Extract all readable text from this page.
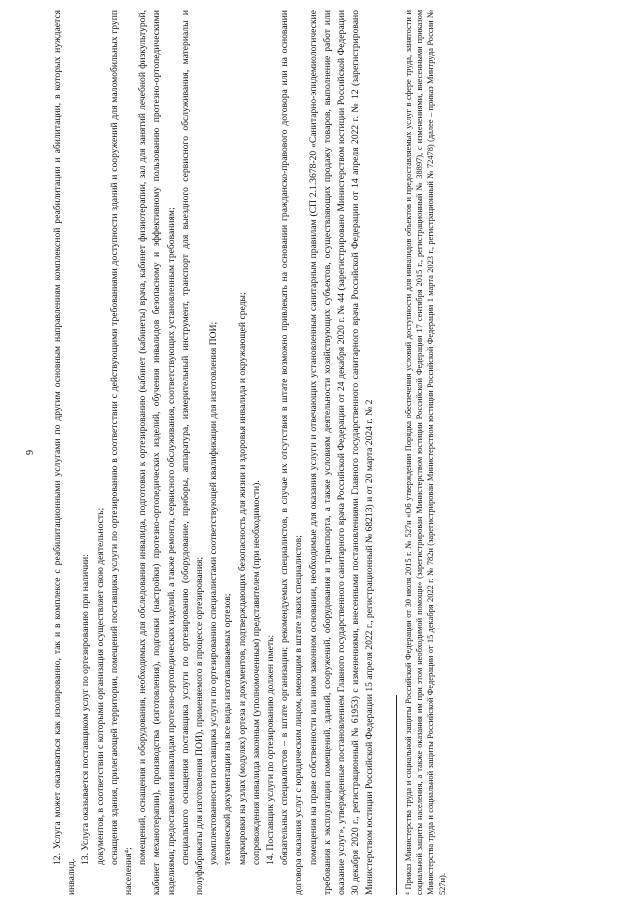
9 12. Услуга может оказываться как изолированно, так и в комплексе с реабилитационными услугами по другим основным направлениям комплексной реабилитации и абилитации, в которых нуждается инвалид.

13. Услуга оказывается поставщиком услуг по ортезированию при наличии: документов, в соответствии с которыми организация осуществляет свою деятельность; оснащения здания, прилегающей территории, помещений поставщика услуги по ортезированию в соответствии с действующими требованиями доступности зданий и сооружений для маломобильных групп населения⁴;

помещений, оснащения и оборудования, необходимых для обследования инвалида, подготовки к ортезированию (кабинет (кабинеты) врача, кабинет физиотерапии, зал для занятий лечебной физкультурой, кабинет механотерапии), производства (изготовления), подгонки (настройки) протезно-ортопедических изделий, обучения инвалидов безопасному и эффективному пользованию протезно-ортопедическими изделиями, предоставления инвалидам протезно-ортопедических изделий, а также ремонта, сервисного обслуживания, соответствующих установленным требованиям; специального оснащения поставщика услуги по ортезированию (оборудование, приборы, аппаратура, измерительный инструмент, транспорт для выездного сервисного обслуживания, материалы и полуфабрикаты для изготовления ПОИ), применяемого в процессе ортезирования; укомплектованности поставщика услуги по ортезированию специалистами соответствующей квалификации для изготовления ПОИ; технической документации на все виды изготавливаемых ортезов; маркировки на узлах (модулях) ортеза и документов, подтверждающих безопасность для жизни и здоровья инвалида и окружающей среды; сопровождения инвалида законным (уполномоченным) представителем (при необходимости). 14. Поставщик услуги по ортезированию должен иметь: обязательных специалистов – в штате организации; рекомендуемых специалистов, в случае их отсутствия в штате возможно привлекать на основании гражданско-правового договора или на основании договора оказания услуг с юридическим лицом, имеющим в штате таких специалистов; помещения на праве собственности или ином законном основании, необходимые для оказания услуги и отвечающих установленным санитарным правилам (СП 2.1.3678-20 «Санитарно-эпидемиологические требования к эксплуатации помещений, зданий, сооружений, оборудования и транспорта, а также условиям деятельности хозяйствующих субъектов, осуществляющих продажу товаров, выполнение работ или оказание услуг», утвержденные постановлением Главного государственного санитарного врача Российской Федерации от 24 декабря 2020 г. № 44 (зарегистрировано Министерством юстиции Российской Федерации 30 декабря 2020 г., регистрационный № 61953) с изменениями, внесенными постановлениями Главного государственного санитарного врача Российской Федерации от 14 апреля 2022 г. № 12 (зарегистрировано Министерством юстиции Российской Федерации 15 апреля 2022 г., регистрационный № 68213) и от 20 марта 2024 г. № 2	⁴ Приказ Министерства труда и социальной защиты Российской Федерации от 30 июля 2015 г. № 527н «Об утверждении Порядка обеспечения условий доступности для инвалидов объектов и предоставляемых услуг в сфере труда, занятости и социальной защиты населения, а также оказания им при этом необходимой помощи» (зарегистрирован Министерством юстиции Российской Федерации 17 сентября 2015 г., регистрационный № 38897), с изменениями, внесенными приказом Министерства труда и социальной защиты Российской Федерации от 15 декабря 2022 г. № 782н (зарегистрирован Министерством юстиции Российской Федерации 1 марта 2023 г., регистрационный № 72478) (далее – приказ Минтруда России № 527н).
